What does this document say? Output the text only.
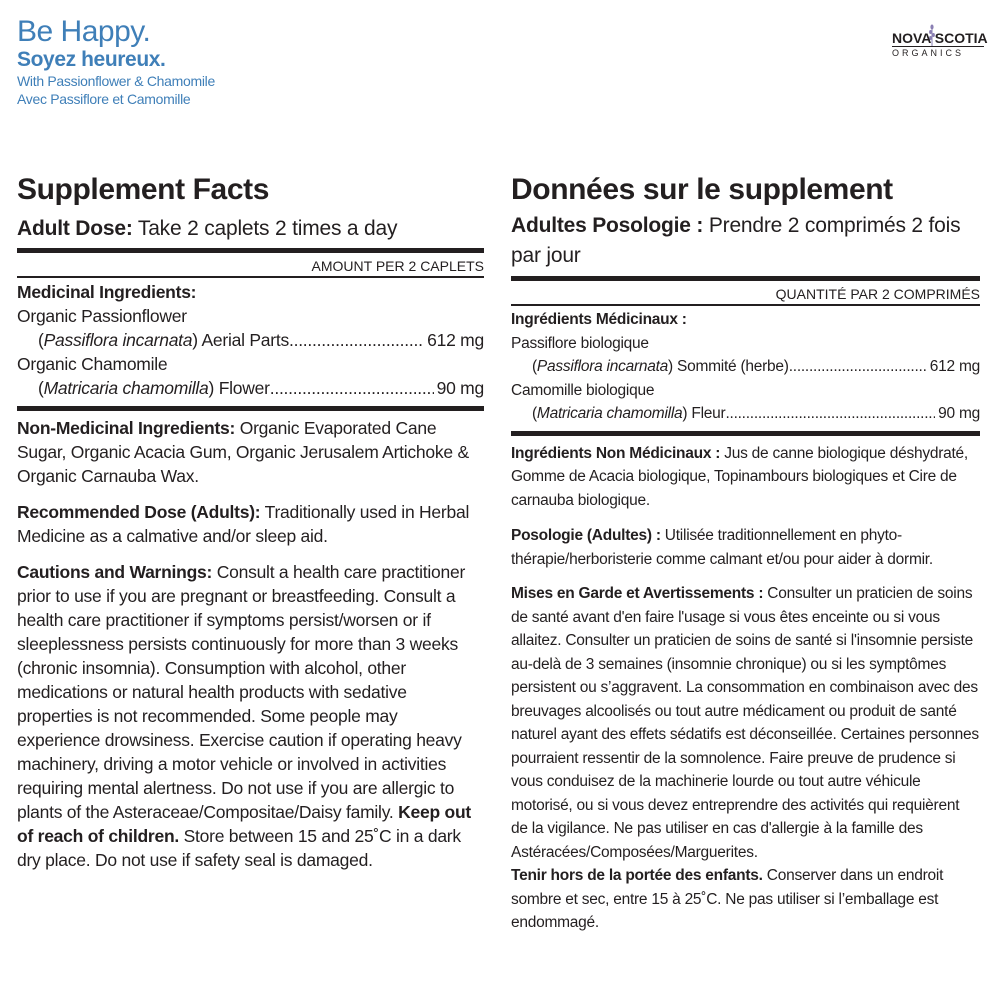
Be Happy.
Soyez heureux.
With Passionflower & Chamomile
Avec Passiflore et Camomille
NOVA SCOTIA
ORGANICS
Supplement Facts
Adult Dose: Take 2 caplets 2 times a day
AMOUNT PER 2 CAPLETS
Medicinal Ingredients:
Organic Passionflower
(Passiflora incarnata) Aerial Parts .....	612 mg
Organic Chamomile
(Matricaria chamomilla) Flower .....	90 mg
Non-Medicinal Ingredients: Organic Evaporated Cane Sugar, Organic Acacia Gum, Organic Jerusalem Artichoke & Organic Carnauba Wax.
Recommended Dose (Adults): Traditionally used in Herbal Medicine as a calmative and/or sleep aid.
Cautions and Warnings: Consult a health care practitioner prior to use if you are pregnant or breastfeeding. Consult a health care practitioner if symptoms persist/worsen or if sleeplessness persists continuously for more than 3 weeks (chronic insomnia). Consumption with alcohol, other medications or natural health products with sedative properties is not recommended. Some people may experience drowsiness. Exercise caution if operating heavy machinery, driving a motor vehicle or involved in activities requiring mental alertness. Do not use if you are allergic to plants of the Asteraceae/Compositae/Daisy family. Keep out of reach of children. Store between 15 and 25˚C in a dark dry place. Do not use if safety seal is damaged.
Données sur le supplement
Adultes Posologie : Prendre 2 comprimés 2 fois par jour
QUANTITÉ PAR 2 COMPRIMÉS
Ingrédients Médicinaux :
Passiflore biologique
(Passiflora incarnata) Sommité (herbe) .....	612 mg
Camomille biologique
(Matricaria chamomilla) Fleur .....	90 mg
Ingrédients Non Médicinaux : Jus de canne biologique déshydraté, Gomme de Acacia biologique, Topinambours biologiques et Cire de carnauba biologique.
Posologie (Adultes) : Utilisée traditionnellement en phyto-thérapie/herboristerie comme calmant et/ou pour aider à dormir.
Mises en Garde et Avertissements : Consulter un praticien de soins de santé avant d'en faire l'usage si vous êtes enceinte ou si vous allaitez. Consulter un praticien de soins de santé si l'insomnie persiste au-delà de 3 semaines (insomnie chronique) ou si les symptômes persistent ou s’aggravent. La consommation en combinaison avec des breuvages alcoolisés ou tout autre médicament ou produit de santé naturel ayant des effets sédatifs est déconseillée. Certaines personnes pourraient ressentir de la somnolence. Faire preuve de prudence si vous conduisez de la machinerie lourde ou tout autre véhicule motorisé, ou si vous devez entreprendre des activités qui requièrent de la vigilance. Ne pas utiliser en cas d'allergie à la famille des Astéracées/Composées/Marguerites.
Tenir hors de la portée des enfants. Conserver dans un endroit sombre et sec, entre 15 à 25˚C. Ne pas utiliser si l’emballage est endommagé.
